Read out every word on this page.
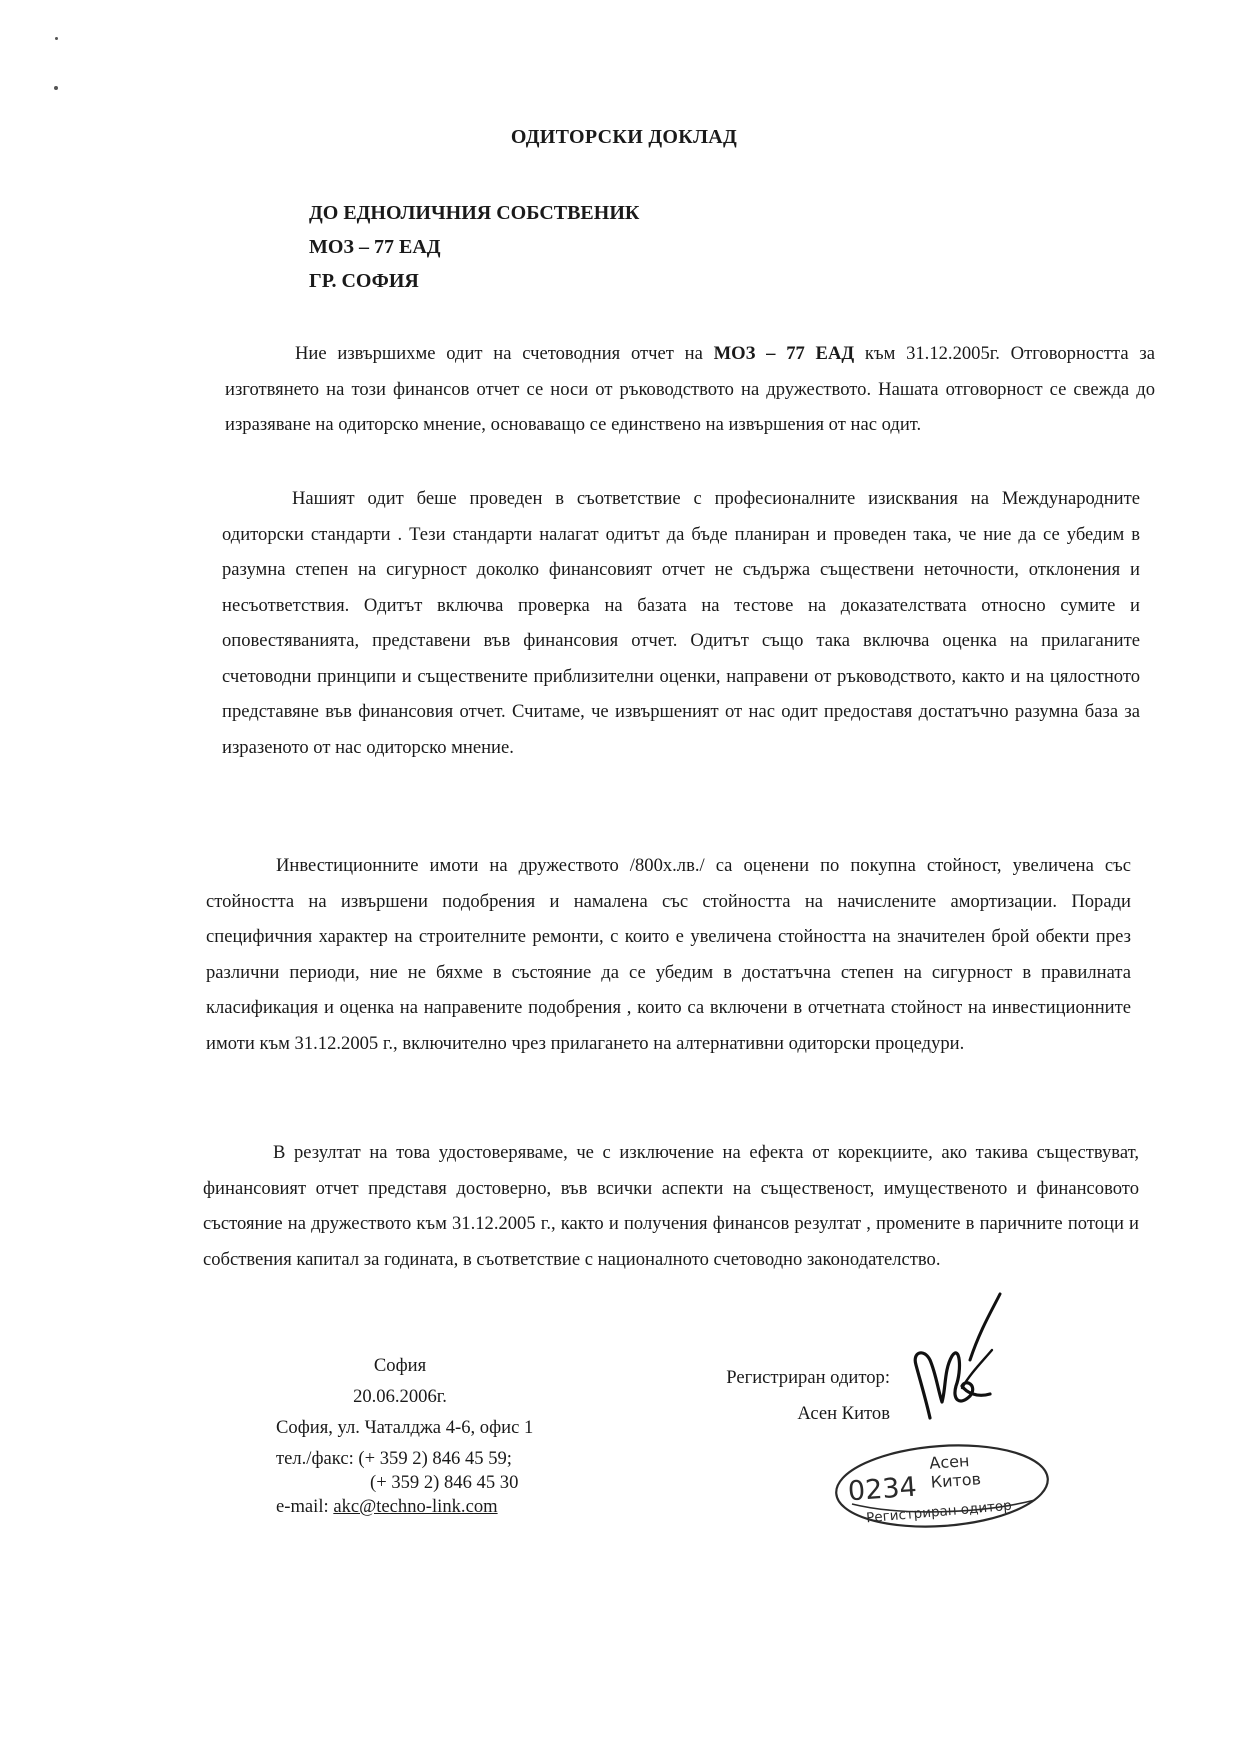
ОДИТОРСКИ ДОКЛАД
ДО ЕДНОЛИЧНИЯ СОБСТВЕНИК
МОЗ – 77 ЕАД
ГР. СОФИЯ
Ние извършихме одит на счетоводния отчет на МОЗ – 77 ЕАД към 31.12.2005г. Отговорността за изготвянето на този финансов отчет се носи от ръководството на дружеството. Нашата отговорност се свежда до изразяване на одиторско мнение, основаващо се единствено на извършения от нас одит.
Нашият одит беше проведен в съответствие с професионалните изисквания на Международните одиторски стандарти . Тези стандарти налагат одитът да бъде планиран и проведен така, че ние да се убедим в разумна степен на сигурност доколко финансовият отчет не съдържа съществени неточности, отклонения и несъответствия. Одитът включва проверка на базата на тестове на доказателствата относно сумите и оповестяванията, представени във финансовия отчет. Одитът също така включва оценка на прилаганите счетоводни принципи и съществените приблизителни оценки, направени от ръководството, както и на цялостното представяне във финансовия отчет. Считаме, че извършеният от нас одит предоставя достатъчно разумна база за изразеното от нас одиторско мнение.
Инвестиционните имоти на дружеството /800х.лв./ са оценени по покупна стойност, увеличена със стойността на извършени подобрения и намалена със стойността на начислените амортизации. Поради специфичния характер на строителните ремонти, с които е увеличена стойността на значителен брой обекти през различни периоди, ние не бяхме в състояние да се убедим в достатъчна степен на сигурност в правилната класификация и оценка на направените подобрения , които са включени в отчетната стойност на инвестиционните имоти към 31.12.2005 г., включително чрез прилагането на алтернативни одиторски процедури.
В резултат на това удостоверяваме, че с изключение на ефекта от корекциите, ако такива съществуват, финансовият отчет представя достоверно, във всички аспекти на същественост, имущественото и финансовото състояние на дружеството към 31.12.2005 г., както и получения финансов резултат , промените в паричните потоци и собствения капитал за годината, в съответствие с националното счетоводно законодателство.
София
20.06.2006г.
София, ул. Чаталджа 4-6, офис 1
тел./факс: (+ 359 2) 846 45 59;
(+ 359 2) 846 45 30
e-mail: akc@techno-link.com
Регистриран одитор:
Асен Китов
0234
Асен
Китов
Регистриран одитор
